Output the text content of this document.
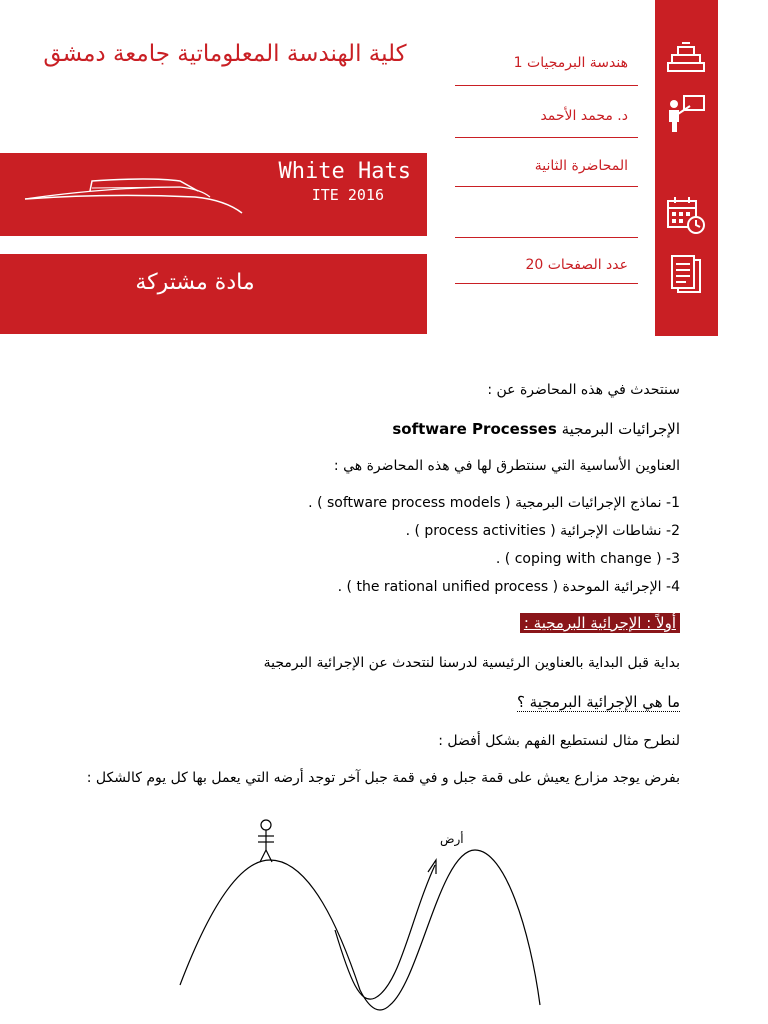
كلية الهندسة المعلوماتية جامعة دمشق
White Hats
ITE 2016
مادة مشتركة
هندسة البرمجيات 1
د. محمد الأحمد
المحاضرة الثانية
عدد الصفحات 20
سنتحدث في هذه المحاضرة عن :
الإجرائيات البرمجية software Processes
العناوين الأساسية التي سنتطرق لها في هذه المحاضرة هي :
1- نماذج الإجرائيات البرمجية ( software process models ) .
2- نشاطات الإجرائية ( process activities ) .
3- ( coping with change ) .
4- الإجرائية الموحدة ( the rational unified process ) .
أولاً : الإجرائية البرمجية :
بداية قبل البداية بالعناوين الرئيسية لدرسنا لنتحدث عن الإجرائية البرمجية
ما هي الإجرائية البرمجية ؟
لنطرح مثال لنستطيع الفهم بشكل أفضل :
بفرض يوجد مزارع يعيش على قمة جبل و في قمة جبل آخر توجد أرضه التي يعمل بها كل يوم كالشكل :
أرض
